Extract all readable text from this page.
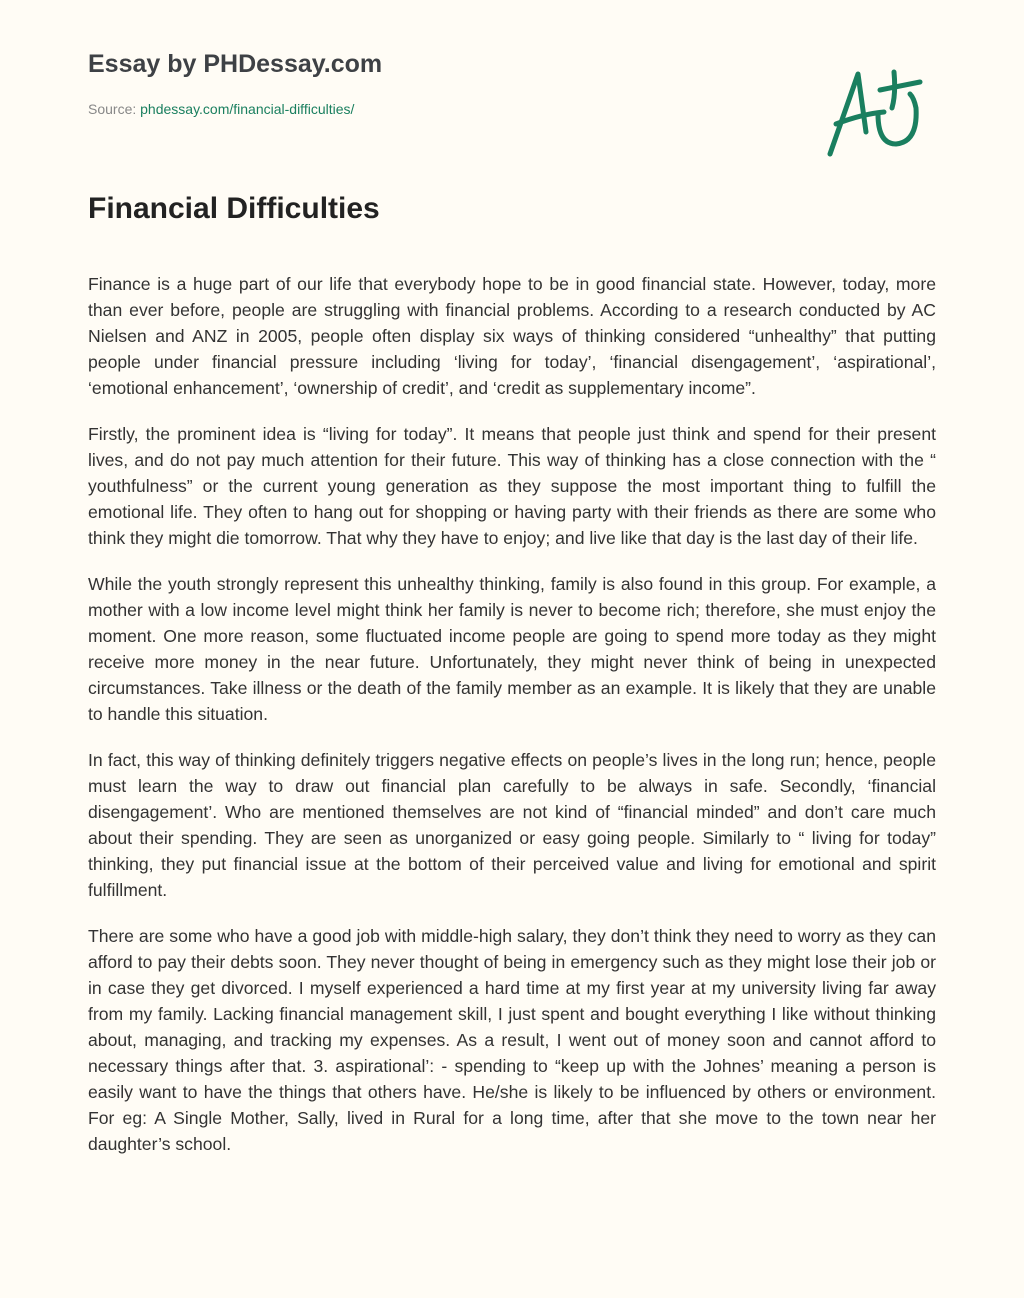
Essay by PHDessay.com
Source: phdessay.com/financial-difficulties/
Financial Difficulties

Finance is a huge part of our life that everybody hope to be in good financial state. However, today, more than ever before, people are struggling with financial problems. According to a research conducted by AC Nielsen and ANZ in 2005, people often display six ways of thinking considered “unhealthy” that putting people under financial pressure including ‘living for today’, ‘financial disengagement’, ‘aspirational’, ‘emotional enhancement’, ‘ownership of credit’, and ‘credit as supplementary income”.

Firstly, the prominent idea is “living for today”. It means that people just think and spend for their present lives, and do not pay much attention for their future. This way of thinking has a close connection with the “ youthfulness” or the current young generation as they suppose the most important thing to fulfill the emotional life. They often to hang out for shopping or having party with their friends as there are some who think they might die tomorrow. That why they have to enjoy; and live like that day is the last day of their life.

While the youth strongly represent this unhealthy thinking, family is also found in this group. For example, a mother with a low income level might think her family is never to become rich; therefore, she must enjoy the moment. One more reason, some fluctuated income people are going to spend more today as they might receive more money in the near future. Unfortunately, they might never think of being in unexpected circumstances. Take illness or the death of the family member as an example. It is likely that they are unable to handle this situation.

In fact, this way of thinking definitely triggers negative effects on people’s lives in the long run; hence, people must learn the way to draw out financial plan carefully to be always in safe. Secondly, ‘financial disengagement’. Who are mentioned themselves are not kind of “financial minded” and don’t care much about their spending. They are seen as unorganized or easy going people. Similarly to “ living for today” thinking, they put financial issue at the bottom of their perceived value and living for emotional and spirit fulfillment.

There are some who have a good job with middle-high salary, they don’t think they need to worry as they can afford to pay their debts soon. They never thought of being in emergency such as they might lose their job or in case they get divorced. I myself experienced a hard time at my first year at my university living far away from my family. Lacking financial management skill, I just spent and bought everything I like without thinking about, managing, and tracking my expenses. As a result, I went out of money soon and cannot afford to necessary things after that. 3. aspirational’: - spending to “keep up with the Johnes’ meaning a person is easily want to have the things that others have. He/she is likely to be influenced by others or environment. For eg: A Single Mother, Sally, lived in Rural for a long time, after that she move to the town near her daughter’s school.
